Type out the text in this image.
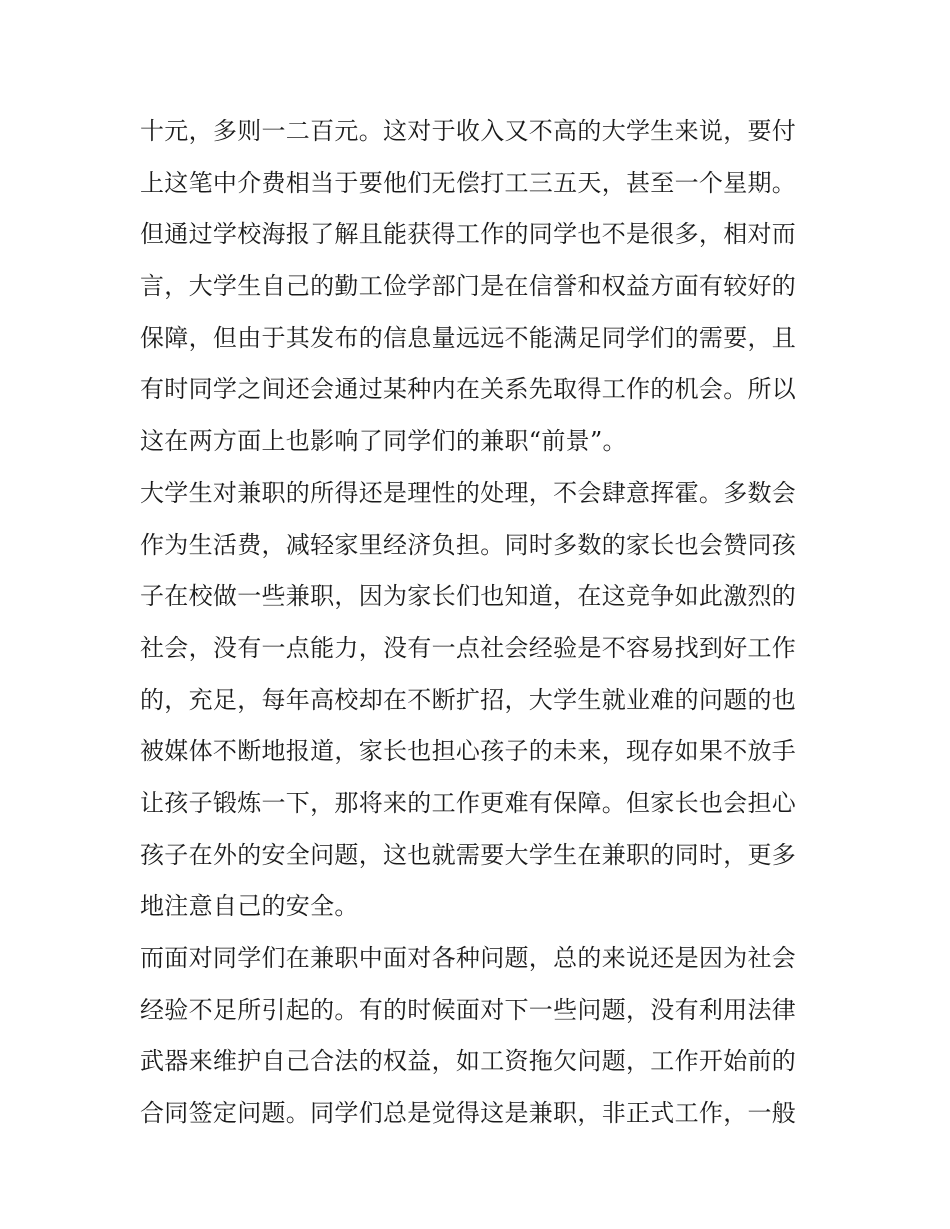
十元，多则一二百元。这对于收入又不高的大学生来说，要付
上这笔中介费相当于要他们无偿打工三五天，甚至一个星期。
但通过学校海报了解且能获得工作的同学也不是很多，相对而
言，大学生自己的勤工俭学部门是在信誉和权益方面有较好的
保障，但由于其发布的信息量远远不能满足同学们的需要，且
有时同学之间还会通过某种内在关系先取得工作的机会。所以
这在两方面上也影响了同学们的兼职“前景”。
大学生对兼职的所得还是理性的处理，不会肆意挥霍。多数会
作为生活费，减轻家里经济负担。同时多数的家长也会赞同孩
子在校做一些兼职，因为家长们也知道，在这竞争如此激烈的
社会，没有一点能力，没有一点社会经验是不容易找到好工作
的，充足，每年高校却在不断扩招，大学生就业难的问题的也
被媒体不断地报道，家长也担心孩子的未来，现存如果不放手
让孩子锻炼一下，那将来的工作更难有保障。但家长也会担心
孩子在外的安全问题，这也就需要大学生在兼职的同时，更多
地注意自己的安全。
而面对同学们在兼职中面对各种问题，总的来说还是因为社会
经验不足所引起的。有的时候面对下一些问题，没有利用法律
武器来维护自己合法的权益，如工资拖欠问题，工作开始前的
合同签定问题。同学们总是觉得这是兼职，非正式工作，一般
